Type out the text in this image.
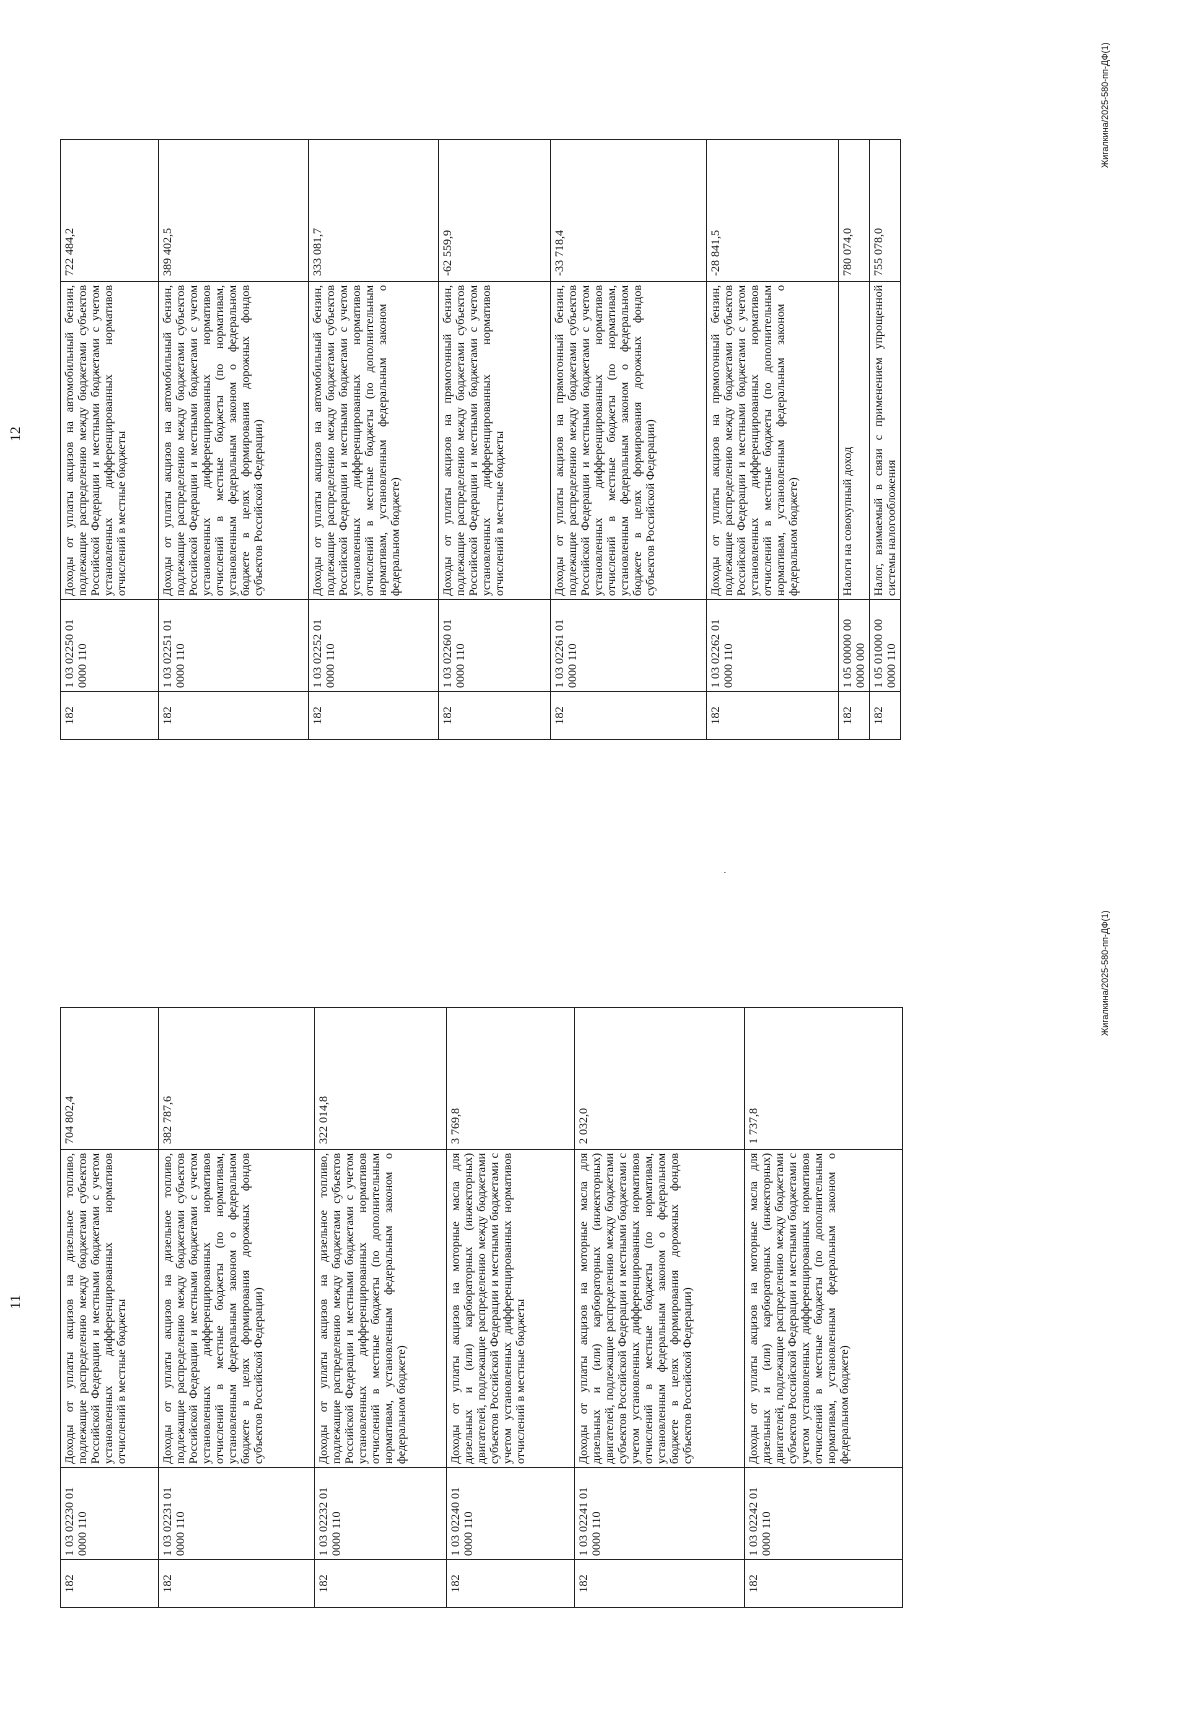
12
182	1 03 02250 01 0000 110	Доходы от уплаты акцизов на автомобильный бензин, подлежащие распределению между бюджетами субъектов Российской Федерации и местными бюджетами с учетом установленных дифференцированных нормативов отчислений в местные бюджеты	722 484,2
182	1 03 02251 01 0000 110	Доходы от уплаты акцизов на автомобильный бензин, подлежащие распределению между бюджетами субъектов Российской Федерации и местными бюджетами с учетом установленных дифференцированных нормативов отчислений в местные бюджеты (по нормативам, установленным федеральным законом о федеральном бюджете в целях формирования дорожных фондов субъектов Российской Федерации)	389 402,5
182	1 03 02252 01 0000 110	Доходы от уплаты акцизов на автомобильный бензин, подлежащие распределению между бюджетами субъектов Российской Федерации и местными бюджетами с учетом установленных дифференцированных нормативов отчислений в местные бюджеты (по дополнительным нормативам, установленным федеральным законом о федеральном бюджете)	333 081,7
182	1 03 02260 01 0000 110	Доходы от уплаты акцизов на прямогонный бензин, подлежащие распределению между бюджетами субъектов Российской Федерации и местными бюджетами с учетом установленных дифференцированных нормативов отчислений в местные бюджеты	-62 559,9
182	1 03 02261 01 0000 110	Доходы от уплаты акцизов на прямогонный бензин, подлежащие распределению между бюджетами субъектов Российской Федерации и местными бюджетами с учетом установленных дифференцированных нормативов отчислений в местные бюджеты (по нормативам, установленным федеральным законом о федеральном бюджете в целях формирования дорожных фондов субъектов Российской Федерации)	-33 718,4
182	1 03 02262 01 0000 110	Доходы от уплаты акцизов на прямогонный бензин, подлежащие распределению между бюджетами субъектов Российской Федерации и местными бюджетами с учетом установленных дифференцированных нормативов отчислений в местные бюджеты (по дополнительным нормативам, установленным федеральным законом о федеральном бюджете)	-28 841,5
182	1 05 00000 00 0000 000	Налоги на совокупный доход	780 074,0
182	1 05 01000 00 0000 110	Налог, взимаемый в связи с применением упрощенной системы налогообложения	755 078,0
Жигалкина/2025-580-пп-ДФ(1)
11
182	1 03 02230 01 0000 110	Доходы от уплаты акцизов на дизельное топливо, подлежащие распределению между бюджетами субъектов Российской Федерации и местными бюджетами с учетом установленных дифференцированных нормативов отчислений в местные бюджеты	704 802,4
182	1 03 02231 01 0000 110	Доходы от уплаты акцизов на дизельное топливо, подлежащие распределению между бюджетами субъектов Российской Федерации и местными бюджетами с учетом установленных дифференцированных нормативов отчислений в местные бюджеты (по нормативам, установленным федеральным законом о федеральном бюджете в целях формирования дорожных фондов субъектов Российской Федерации)	382 787,6
182	1 03 02232 01 0000 110	Доходы от уплаты акцизов на дизельное топливо, подлежащие распределению между бюджетами субъектов Российской Федерации и местными бюджетами с учетом установленных дифференцированных нормативов отчислений в местные бюджеты (по дополнительным нормативам, установленным федеральным законом о федеральном бюджете)	322 014,8
182	1 03 02240 01 0000 110	Доходы от уплаты акцизов на моторные масла для дизельных и (или) карбюраторных (инжекторных) двигателей, подлежащие распределению между бюджетами субъектов Российской Федерации и местными бюджетами с учетом установленных дифференцированных нормативов отчислений в местные бюджеты	3 769,8
182	1 03 02241 01 0000 110	Доходы от уплаты акцизов на моторные масла для дизельных и (или) карбюраторных (инжекторных) двигателей, подлежащие распределению между бюджетами субъектов Российской Федерации и местными бюджетами с учетом установленных дифференцированных нормативов отчислений в местные бюджеты (по нормативам, установленным федеральным законом о федеральном бюджете в целях формирования дорожных фондов субъектов Российской Федерации)	2 032,0
182	1 03 02242 01 0000 110	Доходы от уплаты акцизов на моторные масла для дизельных и (или) карбюраторных (инжекторных) двигателей, подлежащие распределению между бюджетами субъектов Российской Федерации и местными бюджетами с учетом установленных дифференцированных нормативов отчислений в местные бюджеты (по дополнительным нормативам, установленным федеральным законом о федеральном бюджете)	1 737,8
·
Жигалкина/2025-580-пп-ДФ(1)
